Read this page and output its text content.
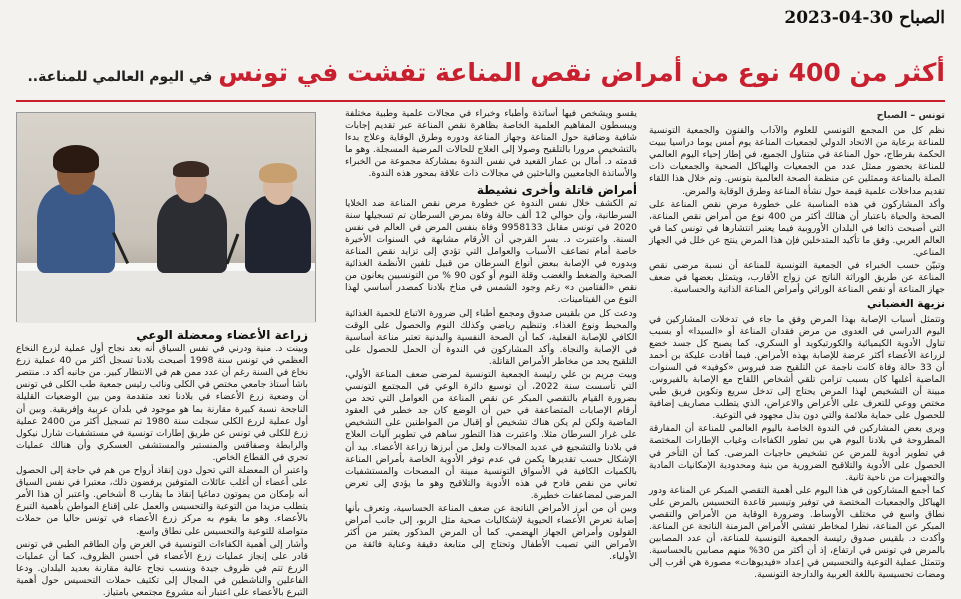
2023-04-30 الصباح
أكثر من 400 نوع من أمراض نقص المناعة تفشت في تونس
في اليوم العالمي للمناعة..
تونس – الصباح

نظم كل من المجمع التونسي للعلوم والآداب والفنون والجمعية التونسية للمناعة برعاية من الاتحاد الدولي لجمعيات المناعة يوم أمس يوما دراسيا ببيت الحكمة بقرطاج، حول المناعة في متناول الجميع، في إطار إحياء اليوم العالمي للمناعة بحضور ممثل عدد من الجمعيات والهياكل الصحية والجمعيات ذات الصلة بالمناعة وممثلين عن منظمة الصحة العالمية بتونس. وتم خلال هذا اللقاء تقديم مداخلات علمية قيمة حول نشأة المناعة وطرق الوقاية والمرض.

وأكد المشاركون في هذه المناسبة على خطورة مرض نقص المناعة على الصحة والحياة باعتبار أن هنالك أكثر من 400 نوع من أمراض نقص المناعة، التي أصبحت ذائعا في البلدان الأوروبية فيما يعتبر انتشارها في تونس كما في العالم العربي. وفق ما تأكيد المتدخلين فإن هذا المرض ينتج عن خلل في الجهاز المناعي.

وتبيّن حسب الخبراء في الجمعية التونسية للمناعة أن نسبة مرضى نقص المناعة عن طريق الوراثة الناتج عن زواج الأقارب، ويتمثل بعضها في ضعف جهاز المناعة أو نقص المناعة الوراثي وأمراض المناعة الذاتية والحساسية.

نزيهة الغضباني

وتتمثل أسباب الإصابة بهذا المرض وفق ما جاء في تدخلات المشاركين في اليوم الدراسي في العدوى من مرض فقدان المناعة أو «السيدا» أو بسبب تناول الأدوية الكيميائية والكورتيكويد أو السكري، كما يصبح كل جسد خضع لزراعة الأعضاء أكثر عرضة للإصابة بهذه الأمراض. فيما أفادت عليكة بن أحمد أن 33 حالة وفاة كانت ناجمة عن التلقيح ضد فيروس «كوفيد» في السنوات الماضية أغلبها كان بسبب تزامن تلقي أشخاص اللقاح مع الإصابة بالفيروس. مبينة أن التشخيص لهذا المرض يحتاج إلى تدخل سريع وتكوين فريق طبي مختص ووعي للتعرف على الأعراض والاعراض، الذي يتطلب مصاريف إضافية للحصول على حماية ملائمة والتي دون بذل مجهود في التوعية.

ويرى بعض المشاركين في الندوة الخاصة باليوم العالمي للمناعة أن المفارقة المطروحة في بلادنا اليوم هي بين تطور الكفاءات وغياب الإطارات المختصة في تطوير أدوية للمرض عن تشخيص حاجيات المرضى. كما أن التأخر في الحصول على الأدوية والتلاقيح الضرورية من بنية ومحدودية الإمكانيات المادية والتجهيزات من ناحية ثانية.

كما أجمع المشاركون في هذا اليوم على أهمية التقصي المبكر عن المناعة ودور الهياكل والجمعيات المختصة في توفير وتيسير قاعدة التحسيس بالمرض على نطاق واسع في مختلف الأوساط. وضرورة الوقاية من الأمراض والتقصي المبكر عن المناعة، نظرا لمخاطر تفشي الأمراض المزمنة الناتجة عن المناعة. وأكدت د. بلقيس صدوق رئيسة الجمعية التونسية للمناعة، أن عدد المصابين بالمرض في تونس في ارتفاع، إذ أن أكثر من 30% منهم مصابين بالحساسية. وتتمثل عملية التوعية والتحسيس في إعداد «فيديوهات» مصورة هي أقرب إلى ومضات تحسيسية باللغة العربية والدارجة التونسية.

يقسو ويشخص فيها أساتذة وأطباء وخبراء في مجالات علمية وطبية مختلفة ويبسطون المفاهيم العلمية الخاصة بظاهرة نقص المناعة عبر تقديم إجابات شافية وضافية حول المناعة وجهاز المناعة ودوره وطرق الوقاية وعلاج بدءا بالتشخيص مرورا بالتلقيح وصولا إلى العلاج للحالات المرضية المسجلة. وهو ما قدمته د. أمال بن عمار القعيد في نفس الندوة بمشاركة مجموعة من الخبراء والأساتذة الجامعيين والباحثين في مجالات ذات علاقة بمحور هذه الندوة.

أمراض قاتلة وأخرى نشيطة

تم الكشف خلال نفس الندوة عن خطورة مرض نقص المناعة ضد الخلايا السرطانية، وأن حوالي 12 ألف حالة وفاة بمرض السرطان تم تسجيلها سنة 2020 في تونس مقابل 9958133 وفاة بنفس المرض في العالم في نفس السنة. واعتبرت د. بسر القرجي أن الأرقام مشابهة في السنوات الأخيرة خاصة أمام تضاعف الأسباب والعوامل التي تؤدي إلى تزايد نقص المناعة وبدوره في الإصابة ببعض أنواع السرطان من قبيل تلفين الأنظمة الغذائية الصحية والضغط والغضب وقلة النوم أو كون 90 % من التونسيين يعانون من نقص «الفتامين د» رغم وجود الشمس في مناخ بلادنا كمصدر أساسي لهذا النوع من الفيتامينات.

ودعت كل من بلقيس صدوق ومجمع أطباء إلى ضرورة الاتباع للحمية الغذائية والمحيط ونوع الغذاء. وتنظيم رياضي وكذلك النوم والحصول على الوقت الكافي للإصابة الفعلية، كما أن الصحة النفسية والبدنية تعتبر مناعة أساسية في الإصابة والنجاة. وأكد المشاركون في الندوة أن الحمل للحصول على التلقيح يحد من مخاطر الأمراض القاتلة.

وبيت مريم بن علي رئيسة الجمعية التونسية لمرضى ضعف المناعة الأولي، التي تأسست سنة 2022، أن توسيع دائرة الوعي في المجتمع التونسي بضرورة القيام بالتقصي المبكر عن نقص المناعة من العوامل التي تحد من أرقام الإصابات المتضاعفة في حين أن الوضع كان جد خطير في العقود الماضية ولكن لم يكن هناك تشخيص أو إقبال من المواطنين على التشخيص على غرار السرطان مثلا. واعتبرت هذا التطور ساهم في تطوير آليات العلاج في بلادنا والتشجيع في عديد المجالات ولعل من أبرزها زراعة الأعضاء. بيد أن الإشكال حسب تقديرها يكمن في عدم توفر الأدوية الخاصة بأمراض المناعة بالكميات الكافية في الأسواق التونسية مبينة أن المصحات والمستشفيات تعاني من نقص فادح في هذه الأدوية والتلاقيح وهو ما يؤدي إلى تعرض المرضى لمضاعفات خطيرة.

وبين أن من أبرز الأمراض الناتجة عن ضعف المناعة الحساسية، وتعرف بأنها إصابة تعرض الأعضاء الحيوية لإشكاليات صحية مثل الربو، إلى جانب أمراض القولون وأمراض الجهاز الهضمي. كما أن المرض المذكور يعتبر من أكثر الأمراض التي تصيب الأطفال وتحتاج إلى متابعة دقيقة وعناية فائقة من الأولياء.

زراعة الأعضاء ومعضلة الوعي

وبينت د. منية ودرني في نفس السياق أنه بعد نجاح أول عملية لزرع النخاع العظمي في تونس سنة 1998 أصبحت بلادنا تسجل أكثر من 40 عملية زرع نخاع في السنة رغم أن عدد ممن هم في الانتظار كبير. من جانبه أكد د. منتصر باشا أستاذ جامعي مختص في الكلى ونائب رئيس جمعية طب الكلى في تونس أن وضعية زرع الأعضاء في بلادنا تعد متقدمة ومن بين الوضعيات القليلة الناجحة نسبة كبيرة مقارنة بما هو موجود في بلدان عربية وإفريقية. وبين أن أول عملية لزرع الكلى سجلت سنة 1980 تم تسجيل أكثر من 2400 عملية زرع للكلى في تونس عن طريق إطارات تونسية في مستشفيات شارل نيكول والرابطة وصفاقس والمنستير والمستشفى العسكري وأن هنالك عمليات تجري في القطاع الخاص.

واعتبر أن المعضلة التي تحول دون إنقاذ أرواح من هم في حاجة إلى الحصول على أعضاء أن أغلب عائلات المتوفين يرفضون ذلك، معتبرا في نفس السياق أنه بإمكان من يموتون دماغيا إنقاذ ما يقارب 8 أشخاص. واعتبر أن هذا الأمر يتطلب مزيدا من التوعية والتحسيس والعمل على إقناع المواطن بأهمية التبرع بالأعضاء. وهو ما يقوم به مركز زرع الأعضاء في تونس حاليا من حملات متواصلة للتوعية والتحسيس على نطاق واسع.

وأشار إلى أهمية الكفاءات التونسية في الغرض وأن الطاقم الطبي في تونس قادر على إنجاز عمليات زرع الأعضاء في أحسن الظروف، كما أن عمليات الزرع تتم في ظروف جيدة وبنسب نجاح عالية مقارنة بعديد البلدان. ودعا الفاعلين والناشطين في المجال إلى تكثيف حملات التحسيس حول أهمية التبرع بالأعضاء على اعتبار أنه مشروع مجتمعي بامتياز.
